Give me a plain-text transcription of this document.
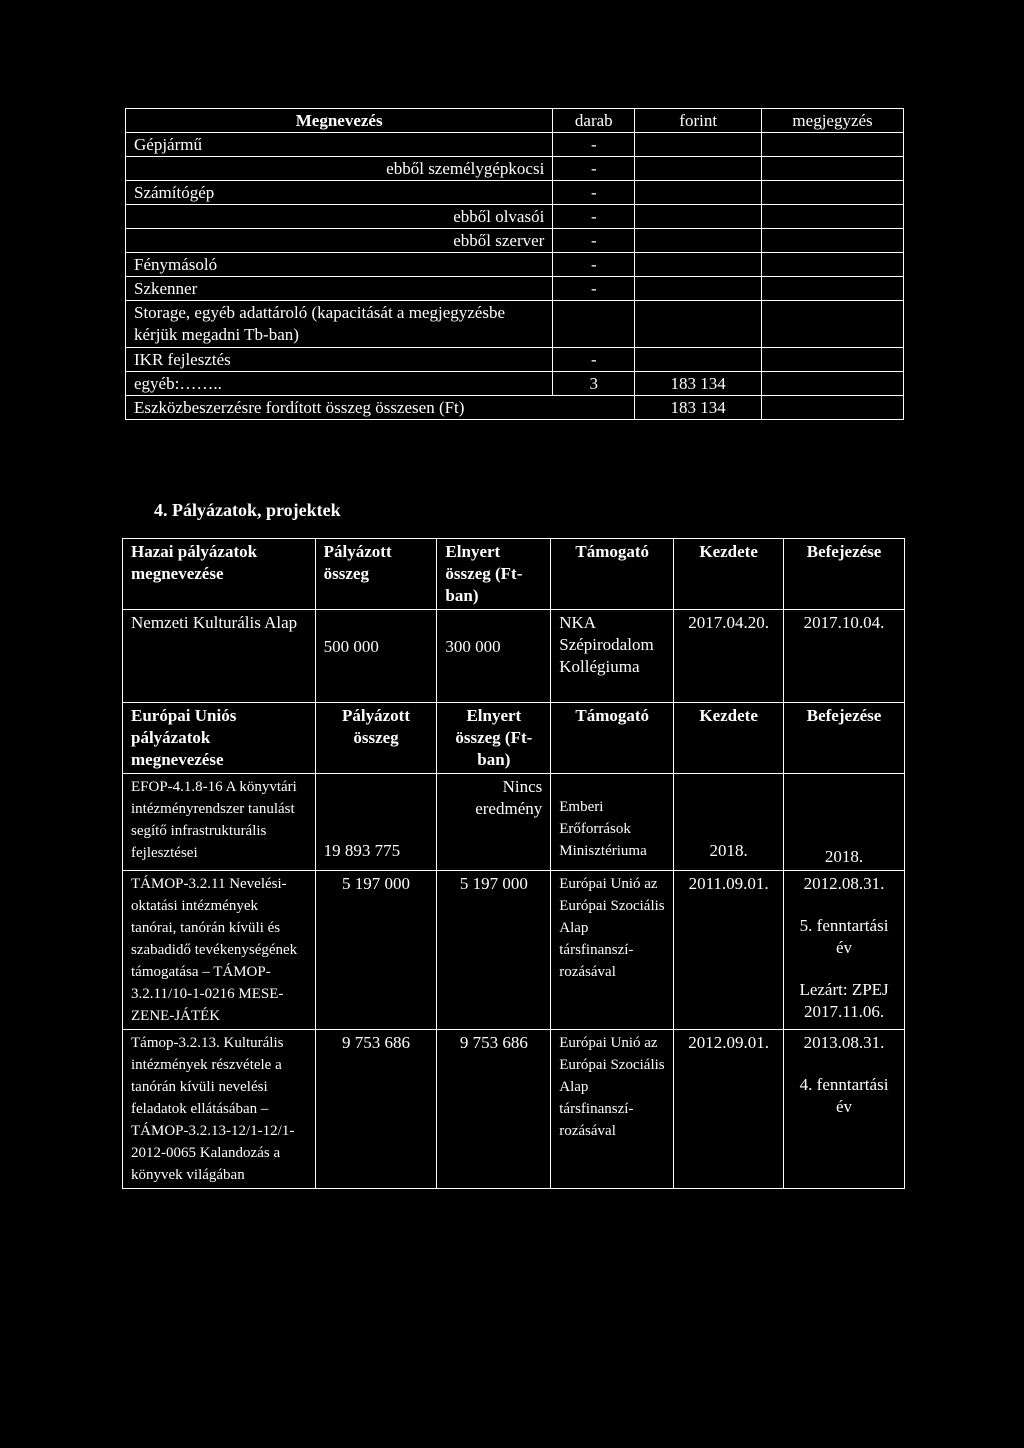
Megnevezés	darab	forint	megjegyzés
Gépjármű	-		
ebből személygépkocsi	-		
Számítógép	-		
ebből olvasói	-		
ebből szerver	-		
Fénymásoló	-		
Szkenner	-		
Storage, egyéb adattároló (kapacitását a megjegyzésbe kérjük megadni Tb-ban)			
IKR fejlesztés	-		
egyéb:……..	3	183 134	
Eszközbeszerzésre fordított összeg összesen (Ft)		183 134	
4. Pályázatok, projektek
Hazai pályázatok megnevezése	Pályázott összeg	Elnyert összeg (Ft-ban)	Támogató	Kezdete	Befejezése
Nemzeti Kulturális Alap	500 000	300 000	NKA Szépirodalom Kollégiuma	2017.04.20.	2017.10.04.
Európai Uniós pályázatok megnevezése	Pályázott összeg	Elnyert összeg (Ft-ban)	Támogató	Kezdete	Befejezése
EFOP-4.1.8-16 A könyvtári intézményrendszer tanulást segítő infrastrukturális fejlesztései	19 893 775	Nincs eredmény	Emberi Erőforrások Minisztériuma	2018.	2018.
TÁMOP-3.2.11 Nevelési-oktatási intézmények tanórai, tanórán kívüli és szabadidő tevékenységének támogatása – TÁMOP-3.2.11/10-1-0216 MESE-ZENE-JÁTÉK	5 197 000	5 197 000	Európai Unió az Európai Szociális Alap társfinanszí-rozásával	2011.09.01.	2012.08.31.
5. fenntartási év
Lezárt: ZPEJ 2017.11.06.

Támop-3.2.13. Kulturális intézmények részvétele a tanórán kívüli nevelési feladatok ellátásában – TÁMOP-3.2.13-12/1-12/1-2012-0065 Kalandozás a könyvek világában	9 753 686	9 753 686	Európai Unió az Európai Szociális Alap társfinanszí-rozásával	2012.09.01.	2013.08.31.
4. fenntartási év
